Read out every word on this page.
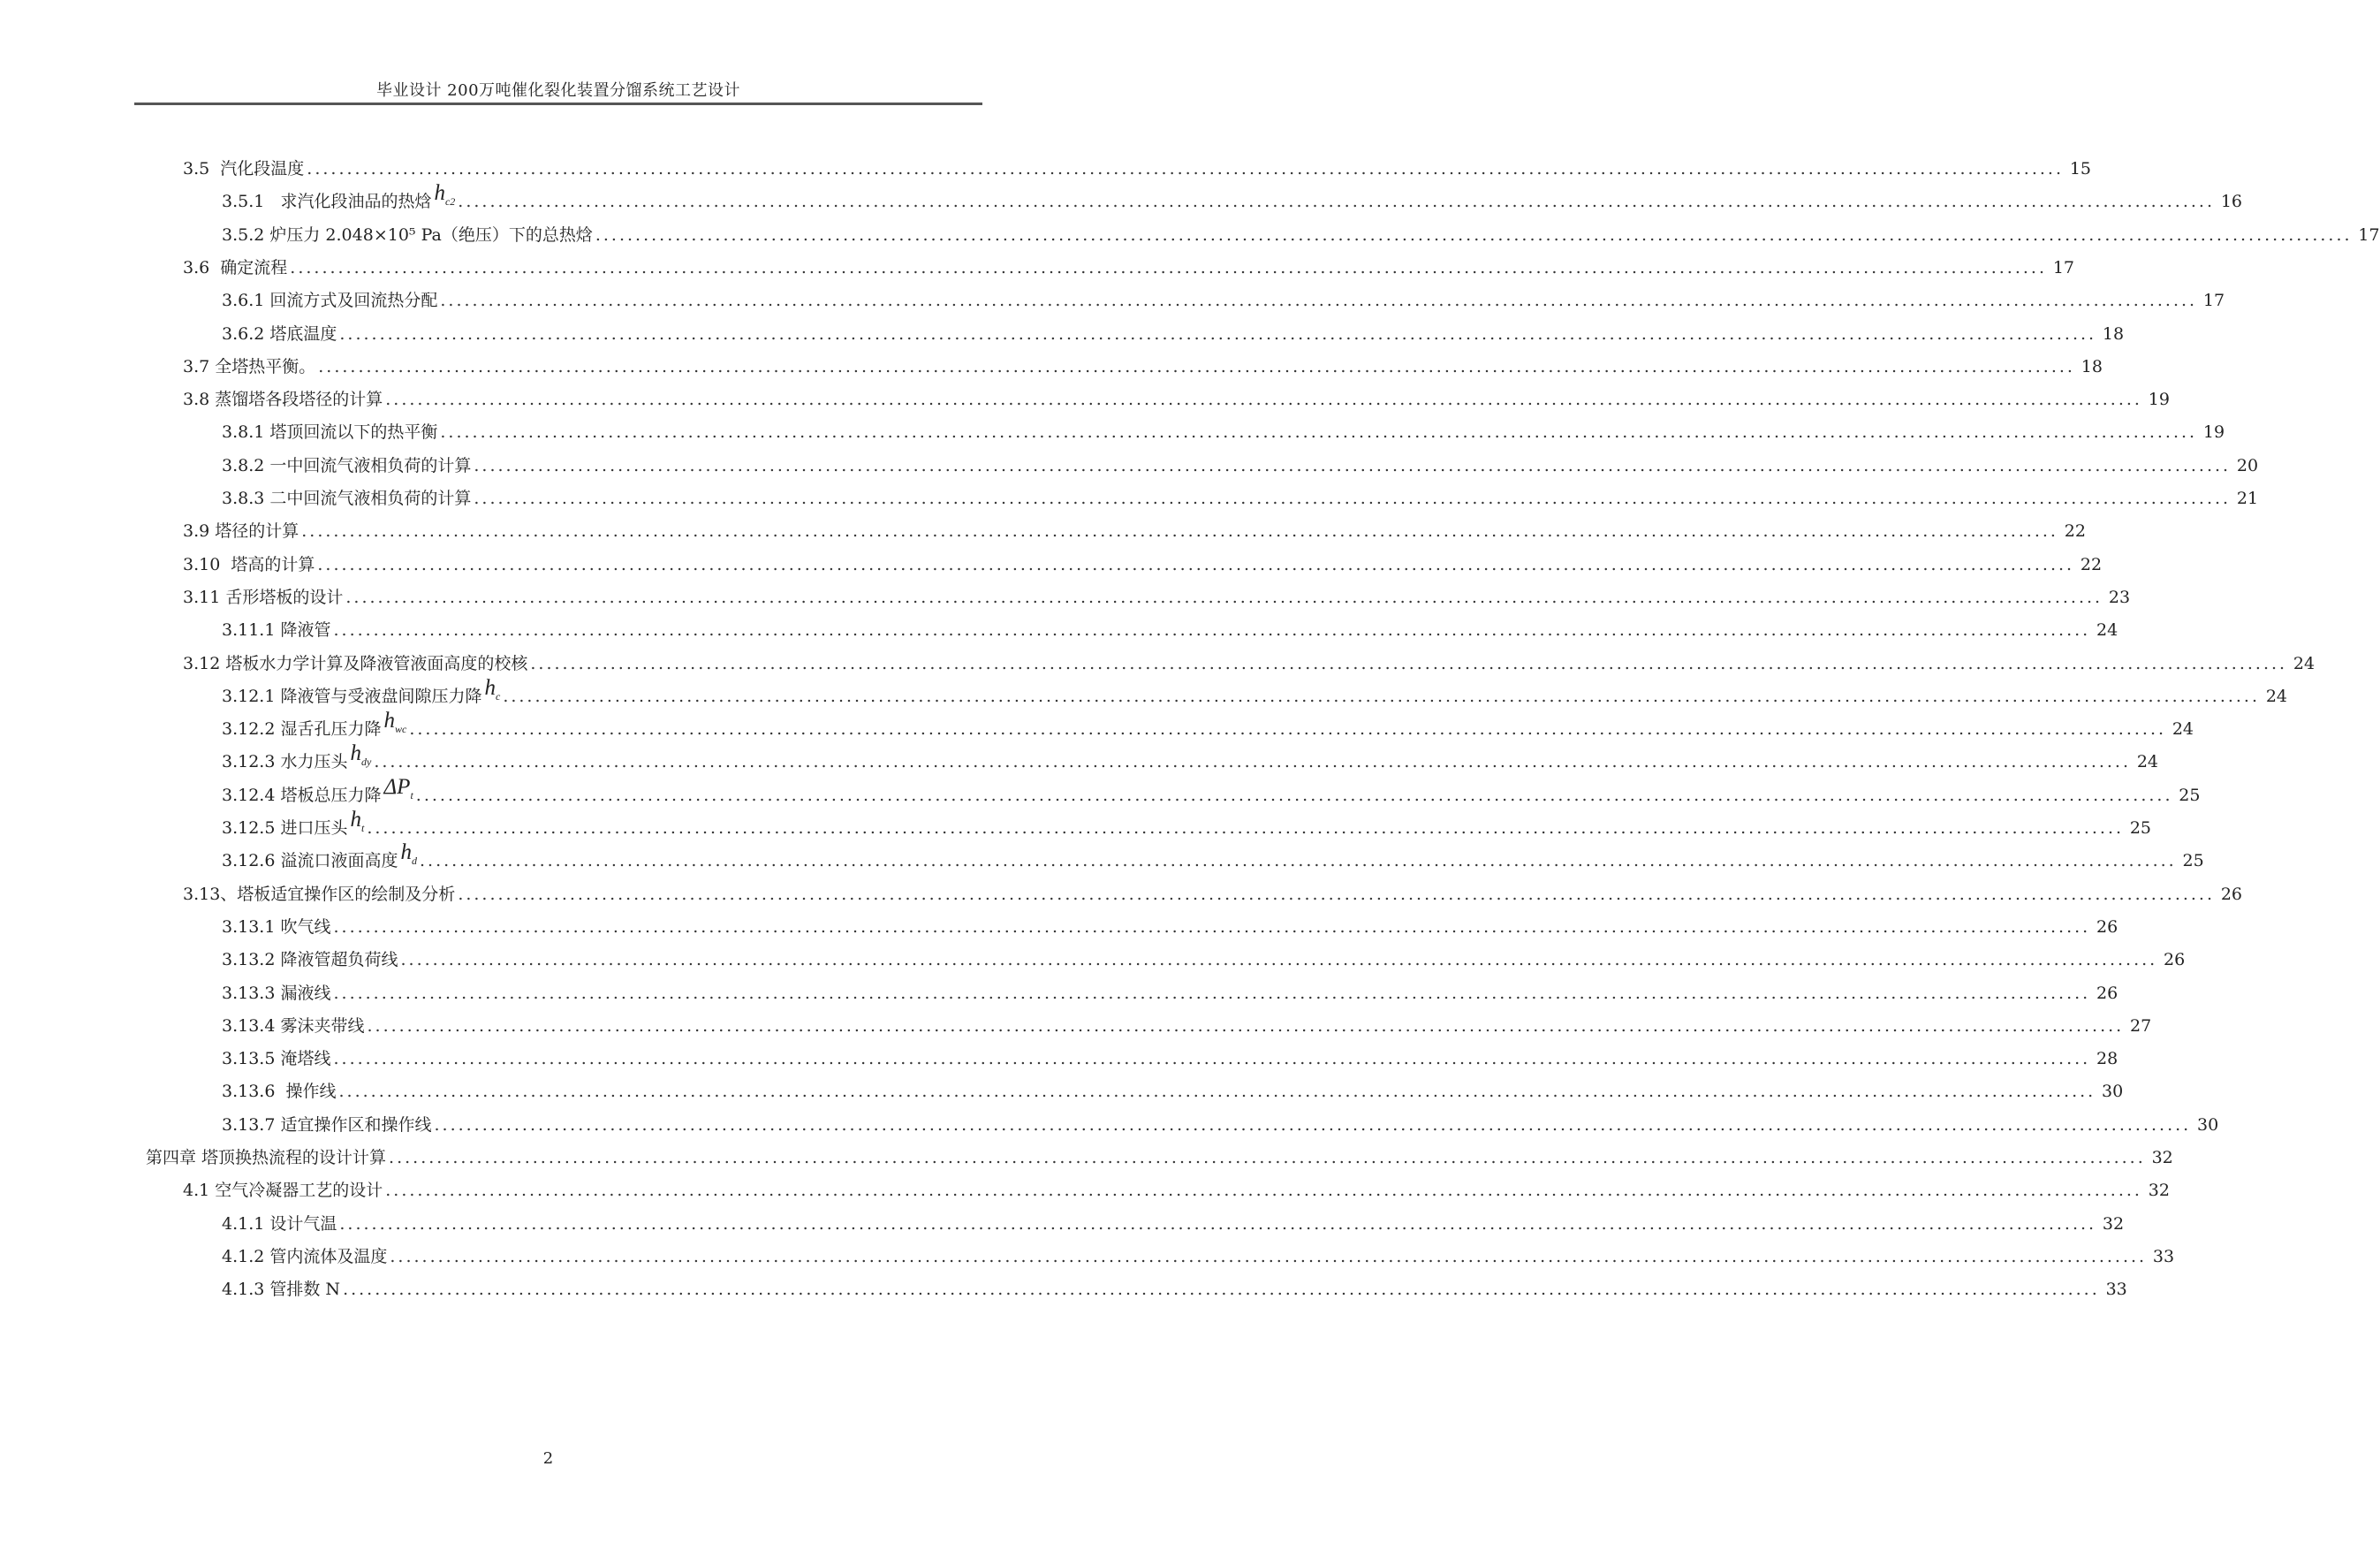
毕业设计 200万吨催化裂化装置分馏系统工艺设计
3.5  汽化段温度 ............................................................................................................................................................................................................................ 15
3.5.1   求汽化段油品的热焓 $h_{c2}$ ............................................................................................................................................................................................................................ 16
3.5.2 炉压力 2.048×10⁵ Pa（绝压）下的总热焓 ............................................................................................................................................................................................................................ 17
3.6  确定流程 ............................................................................................................................................................................................................................ 17
3.6.1 回流方式及回流热分配 ............................................................................................................................................................................................................................ 17
3.6.2 塔底温度 ............................................................................................................................................................................................................................ 18
3.7 全塔热平衡。 ............................................................................................................................................................................................................................ 18
3.8 蒸馏塔各段塔径的计算 ............................................................................................................................................................................................................................ 19
3.8.1 塔顶回流以下的热平衡 ............................................................................................................................................................................................................................ 19
3.8.2 一中回流气液相负荷的计算 ............................................................................................................................................................................................................................ 20
3.8.3 二中回流气液相负荷的计算 ............................................................................................................................................................................................................................ 21
3.9 塔径的计算 ............................................................................................................................................................................................................................ 22
3.10  塔高的计算 ............................................................................................................................................................................................................................ 22
3.11 舌形塔板的设计 ............................................................................................................................................................................................................................ 23
3.11.1 降液管 ............................................................................................................................................................................................................................ 24
3.12 塔板水力学计算及降液管液面高度的校核 ............................................................................................................................................................................................................................ 24
3.12.1 降液管与受液盘间隙压力降 $h_c$ ............................................................................................................................................................................................................................ 24
3.12.2 湿舌孔压力降 $h_{wc}$ ............................................................................................................................................................................................................................ 24
3.12.3 水力压头 $h_{dy}$ ............................................................................................................................................................................................................................ 24
3.12.4 塔板总压力降 $\Delta P_t$ ............................................................................................................................................................................................................................ 25
3.12.5 进口压头 $h_t$ ............................................................................................................................................................................................................................ 25
3.12.6 溢流口液面高度 $h_d$ ............................................................................................................................................................................................................................ 25
3.13、塔板适宜操作区的绘制及分析 ............................................................................................................................................................................................................................ 26
3.13.1 吹气线 ............................................................................................................................................................................................................................ 26
3.13.2 降液管超负荷线 ............................................................................................................................................................................................................................ 26
3.13.3 漏液线 ............................................................................................................................................................................................................................ 26
3.13.4 雾沫夹带线 ............................................................................................................................................................................................................................ 27
3.13.5 淹塔线 ............................................................................................................................................................................................................................ 28
3.13.6  操作线 ............................................................................................................................................................................................................................ 30
3.13.7 适宜操作区和操作线 ............................................................................................................................................................................................................................ 30
第四章 塔顶换热流程的设计计算 ............................................................................................................................................................................................................................ 32
4.1 空气冷凝器工艺的设计 ............................................................................................................................................................................................................................ 32
4.1.1 设计气温 ............................................................................................................................................................................................................................ 32
4.1.2 管内流体及温度 ............................................................................................................................................................................................................................ 33
4.1.3 管排数 N ............................................................................................................................................................................................................................ 33
2
